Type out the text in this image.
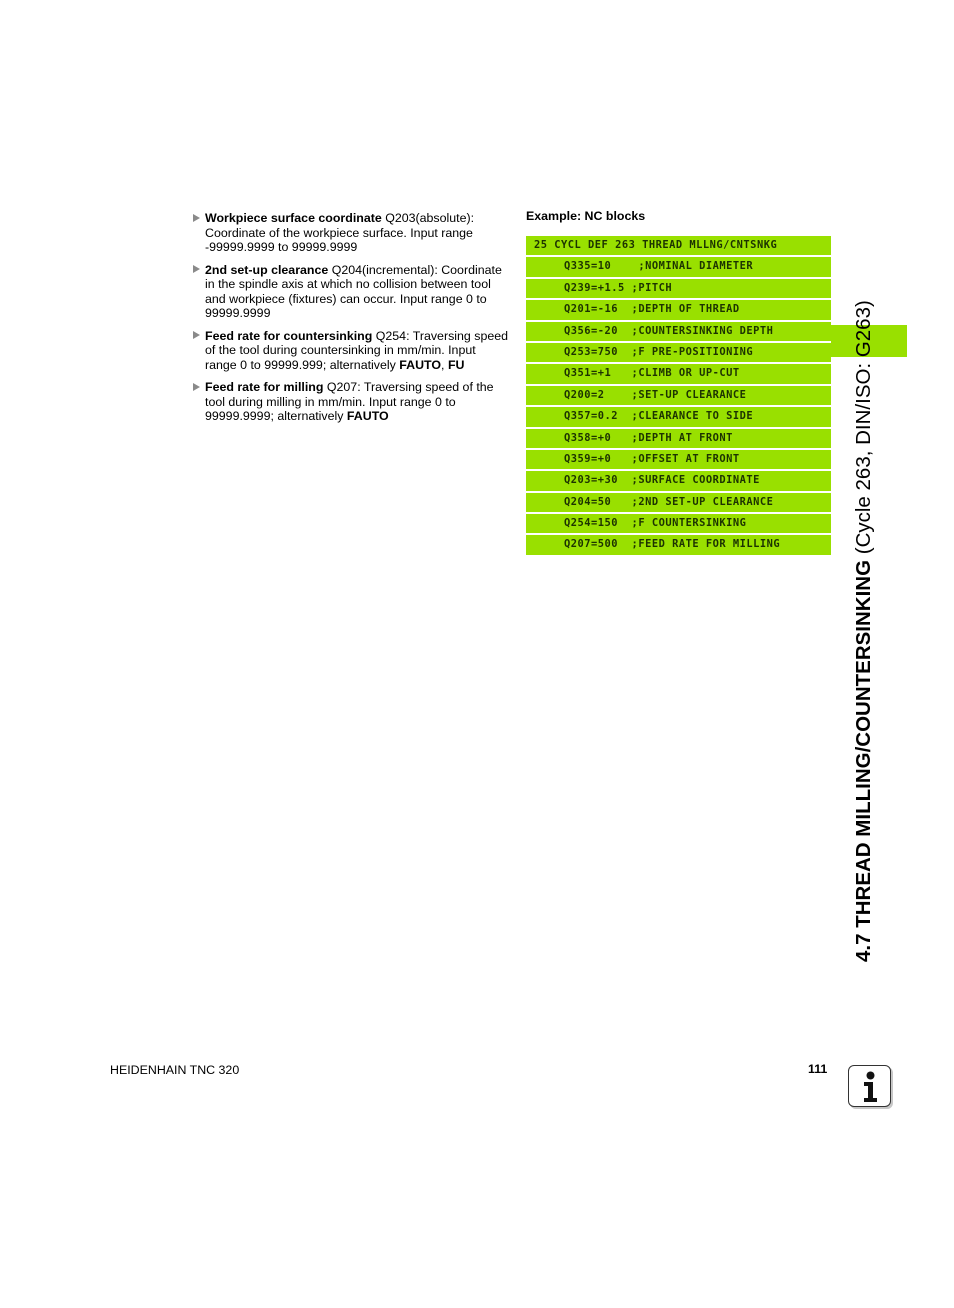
Workpiece surface coordinate Q203(absolute): Coordinate of the workpiece surface. Input range -99999.9999 to 99999.9999
2nd set-up clearance Q204(incremental): Coordinate in the spindle axis at which no collision between tool and workpiece (fixtures) can occur. Input range 0 to 99999.9999
Feed rate for countersinking Q254: Traversing speed of the tool during countersinking in mm/min. Input range 0 to 99999.999; alternatively FAUTO, FU
Feed rate for milling Q207: Traversing speed of the tool during milling in mm/min. Input range 0 to 99999.9999; alternatively FAUTO
Example: NC blocks
25 CYCL DEF 263 THREAD MLLNG/CNTSNKG
Q335=10    ;NOMINAL DIAMETER
Q239=+1.5 ;PITCH
Q201=-16  ;DEPTH OF THREAD
Q356=-20  ;COUNTERSINKING DEPTH
Q253=750  ;F PRE-POSITIONING
Q351=+1   ;CLIMB OR UP-CUT
Q200=2    ;SET-UP CLEARANCE
Q357=0.2  ;CLEARANCE TO SIDE
Q358=+0   ;DEPTH AT FRONT
Q359=+0   ;OFFSET AT FRONT
Q203=+30  ;SURFACE COORDINATE
Q204=50   ;2ND SET-UP CLEARANCE
Q254=150  ;F COUNTERSINKING
Q207=500  ;FEED RATE FOR MILLING
4.7 THREAD MILLING/COUNTERSINKING (Cycle 263, DIN/ISO: G263)
HEIDENHAIN TNC 320	111
